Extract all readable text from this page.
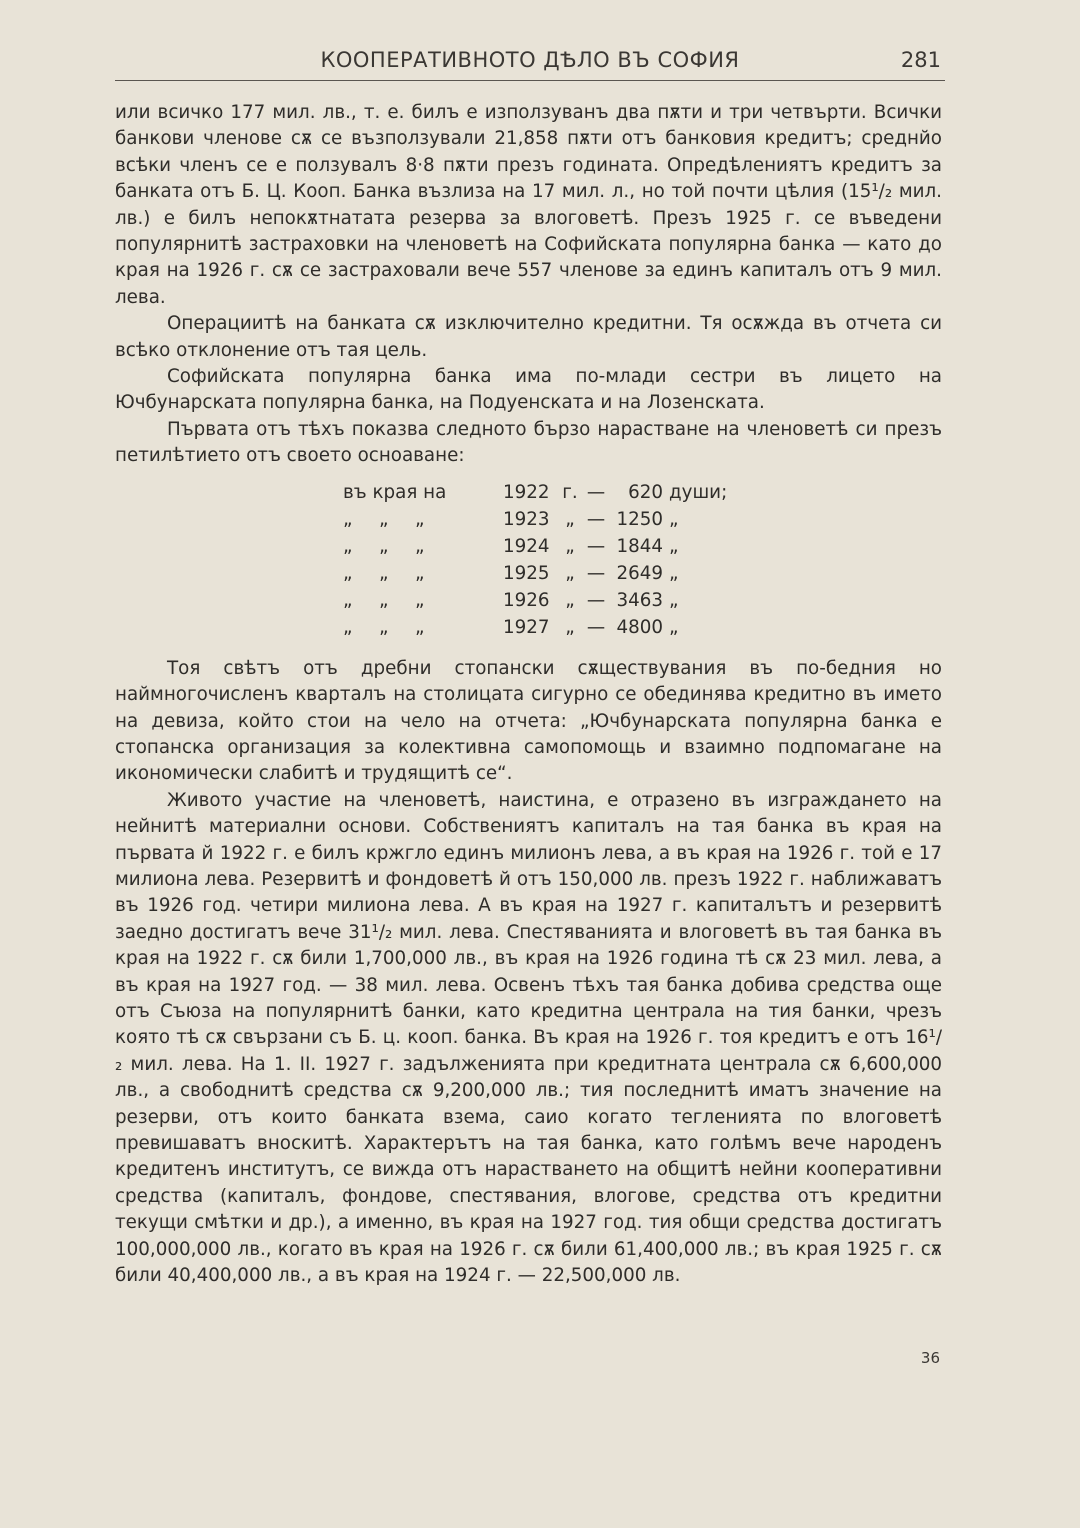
КООПЕРАТИВНОТО ДѢЛО ВЪ СОФИЯ	281

или всичко 177 мил. лв., т. е. билъ е използуванъ два пѫти и три четвърти. Всички банкови членове сѫ се възползували 21,858 пѫти отъ банковия кредитъ; среднйо всѣки членъ се е ползувалъ 8·8 пѫти презъ годината. Опредѣлениятъ кредитъ за банката отъ Б. Ц. Кооп. Банка възлиза на 17 мил. л., но той почти цѣлия (15¹/₂ мил. лв.) е билъ непокѫтнатата резерва за влоговетѣ. Презъ 1925 г. се въведени популярнитѣ застраховки на членоветѣ на Софийската популярна банка — като до края на 1926 г. сѫ се застраховали вече 557 членове за единъ капиталъ отъ 9 мил. лева.

Операциитѣ на банката сѫ изключително кредитни. Тя осѫжда въ отчета си всѣко отклонение отъ тая цель.

Софийската популярна банка има по-млади сестри въ лицето на Ючбунарската популярна банка, на Подуенската и на Лозенската.

Първата отъ тѣхъ показва следното бързо нарастване на членоветѣ си презъ петилѣтието отъ своето осноаване:

въ края на	1922	г.	—	620	души;
„ „ „	1923	„	—	1250	„
„ „ „	1924	„	—	1844	„
„ „ „	1925	„	—	2649	„
„ „ „	1926	„	—	3463	„
„ „ „	1927	„	—	4800	„

Тоя свѣтъ отъ дребни стопански сѫществувания въ по-бедния но наймногочисленъ кварталъ на столицата сигурно се обединява кредитно въ името на девиза, който стои на чело на отчета: „Ючбунарската популярна банка е стопанска организация за колективна самопомощь и взаимно подпомагане на икономически слабитѣ и трудящитѣ се“.

Живото участие на членоветѣ, наистина, е отразено въ изграждането на нейнитѣ материални основи. Собствениятъ капиталъ на тая банка въ края на първата й 1922 г. е билъ кржгло единъ милионъ лева, а въ края на 1926 г. той е 17 милиона лева. Резервитѣ и фондоветѣ й отъ 150,000 лв. презъ 1922 г. наближаватъ въ 1926 год. четири милиона лева. А въ края на 1927 г. капиталътъ и резервитѣ заедно достигатъ вече 31¹/₂ мил. лева. Спестяванията и влоговетѣ въ тая банка въ края на 1922 г. сѫ били 1,700,000 лв., въ края на 1926 година тѣ сѫ 23 мил. лева, а въ края на 1927 год. — 38 мил. лева. Освенъ тѣхъ тая банка добива средства още отъ Съюза на популярнитѣ банки, като кредитна централа на тия банки, чрезъ която тѣ сѫ свързани съ Б. ц. кооп. банка. Въ края на 1926 г. тоя кредитъ е отъ 16¹/₂ мил. лева. На 1. II. 1927 г. задълженията при кредитната централа сѫ 6,600,000 лв., а свободнитѣ средства сѫ 9,200,000 лв.; тия последнитѣ иматъ значение на резерви, отъ които банката взема, саио когато тегленията по влоговетѣ превишаватъ вноскитѣ. Характерътъ на тая банка, като голѣмъ вече народенъ кредитенъ институтъ, се вижда отъ нарастването на общитѣ нейни кооперативни средства (капиталъ, фондове, спестявания, влогове, средства отъ кредитни текущи смѣтки и др.), а именно, въ края на 1927 год. тия общи средства достигатъ 100,000,000 лв., когато въ края на 1926 г. сѫ били 61,400,000 лв.; въ края 1925 г. сѫ били 40,400,000 лв., а въ края на 1924 г. — 22,500,000 лв.

36
